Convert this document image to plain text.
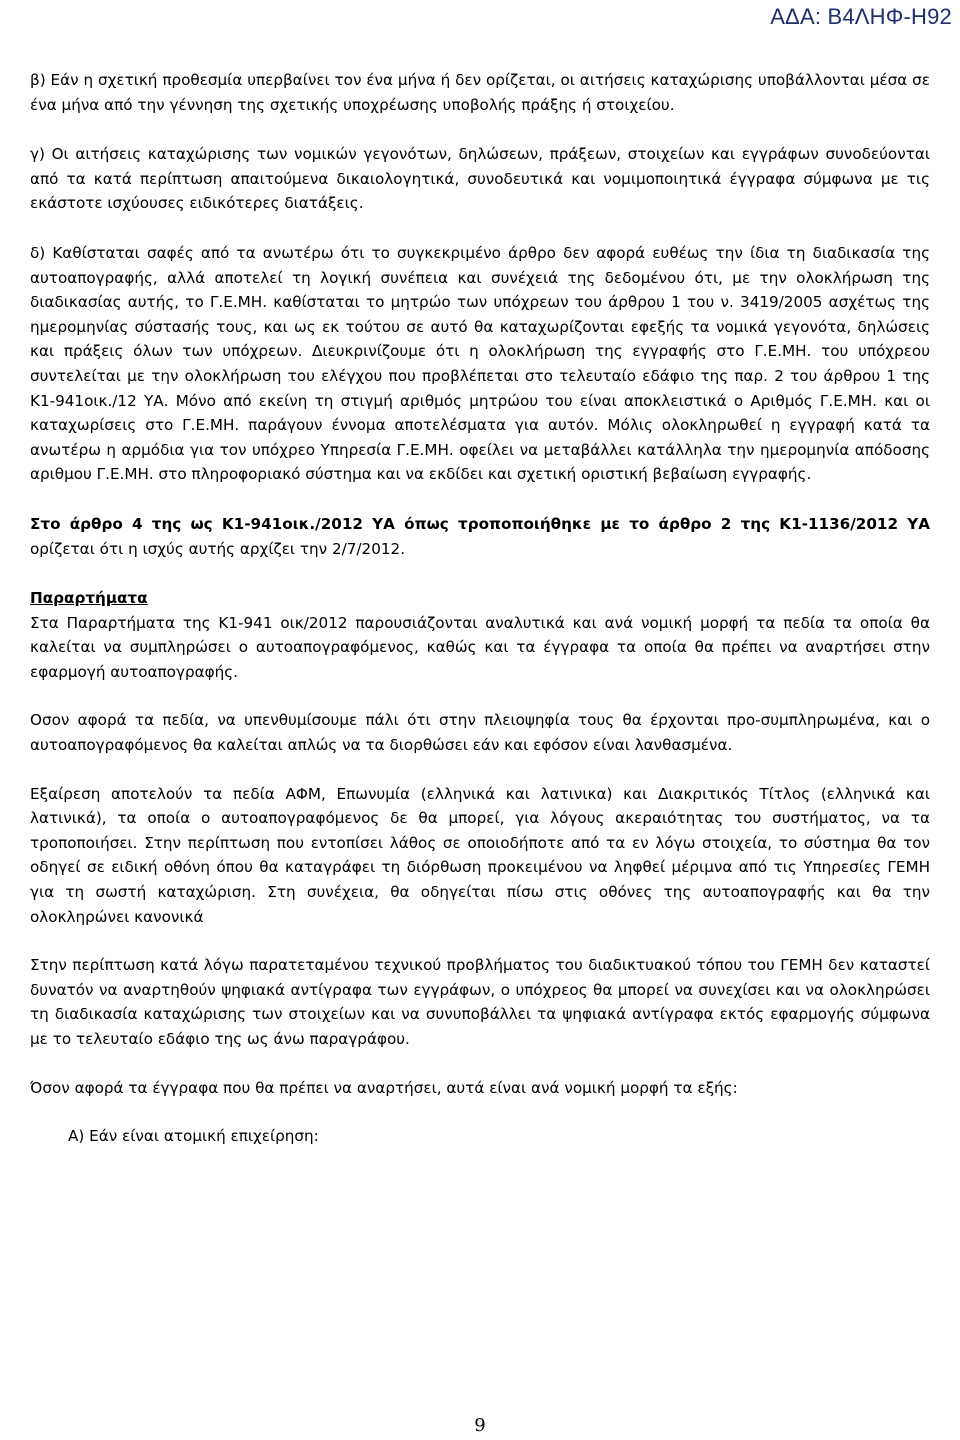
ΑΔΑ: Β4ΛΗΦ-Η92

β) Εάν η σχετική προθεσμία υπερβαίνει τον ένα μήνα ή δεν ορίζεται, οι αιτήσεις καταχώρισης υποβάλλονται μέσα σε ένα μήνα από την γέννηση της σχετικής υποχρέωσης υποβολής πράξης ή στοιχείου.

γ) Οι αιτήσεις καταχώρισης των νομικών γεγονότων, δηλώσεων, πράξεων, στοιχείων και εγγράφων συνοδεύονται από τα κατά περίπτωση απαιτούμενα δικαιολογητικά, συνοδευτικά και νομιμοποιητικά έγγραφα σύμφωνα με τις εκάστοτε ισχύουσες ειδικότερες διατάξεις.

δ) Καθίσταται σαφές από τα ανωτέρω ότι το συγκεκριμένο άρθρο δεν αφορά ευθέως την ίδια τη διαδικασία της αυτοαπογραφής, αλλά αποτελεί τη λογική συνέπεια και συνέχειά της δεδομένου ότι, με την ολοκλήρωση της διαδικασίας αυτής, το Γ.Ε.ΜΗ. καθίσταται το μητρώο των υπόχρεων του άρθρου 1 του ν. 3419/2005 ασχέτως της ημερομηνίας σύστασής τους, και ως εκ τούτου σε αυτό θα καταχωρίζονται εφεξής τα νομικά γεγονότα, δηλώσεις και πράξεις όλων των υπόχρεων. Διευκρινίζουμε ότι η ολοκλήρωση της εγγραφής στο Γ.Ε.ΜΗ. του υπόχρεου συντελείται με την ολοκλήρωση του ελέγχου που προβλέπεται στο τελευταίο εδάφιο της παρ. 2 του άρθρου 1 της Κ1-941οικ./12 ΥΑ. Μόνο από εκείνη τη στιγμή αριθμός μητρώου του είναι αποκλειστικά ο Αριθμός Γ.Ε.ΜΗ. και οι καταχωρίσεις στο Γ.Ε.ΜΗ. παράγουν έννομα αποτελέσματα για αυτόν. Μόλις ολοκληρωθεί η εγγραφή κατά τα ανωτέρω η αρμόδια για τον υπόχρεο Υπηρεσία Γ.Ε.ΜΗ. οφείλει να μεταβάλλει κατάλληλα την ημερομηνία απόδοσης αριθμου Γ.Ε.ΜΗ. στο πληροφοριακό σύστημα και να εκδίδει και σχετική οριστική βεβαίωση εγγραφής.

Στο άρθρο 4 της ως Κ1-941οικ./2012 ΥΑ όπως τροποποιήθηκε με το άρθρο 2 της Κ1-1136/2012 ΥΑ ορίζεται ότι η ισχύς αυτής αρχίζει την 2/7/2012.

Παραρτήματα

Στα Παραρτήματα της Κ1-941 οικ/2012 παρουσιάζονται αναλυτικά και ανά νομική μορφή τα πεδία τα οποία θα καλείται να συμπληρώσει ο αυτοαπογραφόμενος, καθώς και τα έγγραφα τα οποία θα πρέπει να αναρτήσει στην εφαρμογή αυτοαπογραφής.

Οσον αφορά τα πεδία, να υπενθυμίσουμε πάλι ότι στην πλειοψηφία τους θα έρχονται προ-συμπληρωμένα, και ο αυτοαπογραφόμενος θα καλείται απλώς να τα διορθώσει εάν και εφόσον είναι λανθασμένα.

Εξαίρεση αποτελούν τα πεδία ΑΦΜ, Επωνυμία (ελληνικά και λατινικα) και Διακριτικός Τίτλος (ελληνικά και λατινικά), τα οποία ο αυτοαπογραφόμενος δε θα μπορεί, για λόγους ακεραιότητας του συστήματος, να τα τροποποιήσει. Στην περίπτωση που εντοπίσει λάθος σε οποιοδήποτε από τα εν λόγω στοιχεία, το σύστημα θα τον οδηγεί σε ειδική οθόνη όπου θα καταγράφει τη διόρθωση προκειμένου να ληφθεί μέριμνα από τις Υπηρεσίες ΓΕΜΗ για τη σωστή καταχώριση. Στη συνέχεια, θα οδηγείται πίσω στις οθόνες της αυτοαπογραφής και θα την ολοκληρώνει κανονικά

Στην περίπτωση κατά λόγω παρατεταμένου τεχνικού προβλήματος του διαδικτυακού τόπου του ΓΕΜΗ δεν καταστεί δυνατόν να αναρτηθούν ψηφιακά αντίγραφα των εγγράφων, ο υπόχρεος θα μπορεί να συνεχίσει και να ολοκληρώσει τη διαδικασία καταχώρισης των στοιχείων και να συνυποβάλλει τα ψηφιακά αντίγραφα εκτός εφαρμογής σύμφωνα με το τελευταίο εδάφιο της ως άνω παραγράφου.

Όσον αφορά τα έγγραφα που θα πρέπει να αναρτήσει, αυτά είναι ανά νομική μορφή τα εξής:

Α) Εάν είναι ατομική επιχείρηση:

9
